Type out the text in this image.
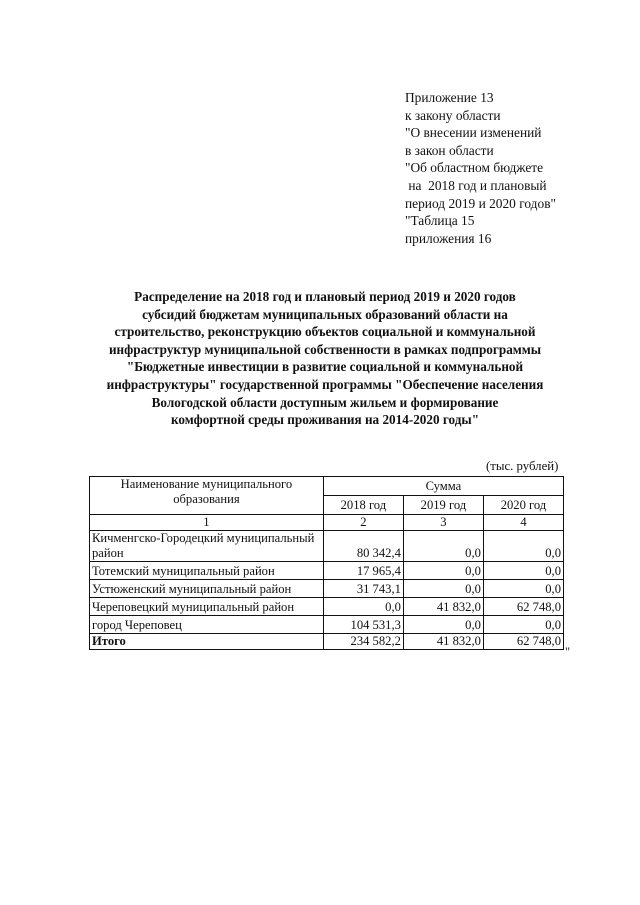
Приложение 13
к закону области
"О внесении изменений
в закон области
"Об областном бюджете
на  2018 год и плановый
период 2019 и 2020 годов"
"Таблица 15
приложения 16
Распределение на 2018 год и плановый период 2019 и 2020 годов
субсидий бюджетам муниципальных образований области на
строительство, реконструкцию объектов социальной и коммунальной
инфраструктур муниципальной собственности в рамках подпрограммы
"Бюджетные инвестиции в развитие социальной и коммунальной
инфраструктуры" государственной программы "Обеспечение населения
Вологодской области доступным жильем и формирование
комфортной среды проживания на 2014-2020 годы"
(тыс. рублей)
Наименование муниципального образования	Сумма		
	2018 год	2019 год	2020 год
1	2	3	4
Кичменгско-Городецкий муниципальный район	80 342,4	0,0	0,0
Тотемский муниципальный район	17 965,4	0,0	0,0
Устюженский муниципальный район	31 743,1	0,0	0,0
Череповецкий муниципальный район	0,0	41 832,0	62 748,0
город Череповец	104 531,3	0,0	0,0
Итого	234 582,2	41 832,0	62 748,0
"
